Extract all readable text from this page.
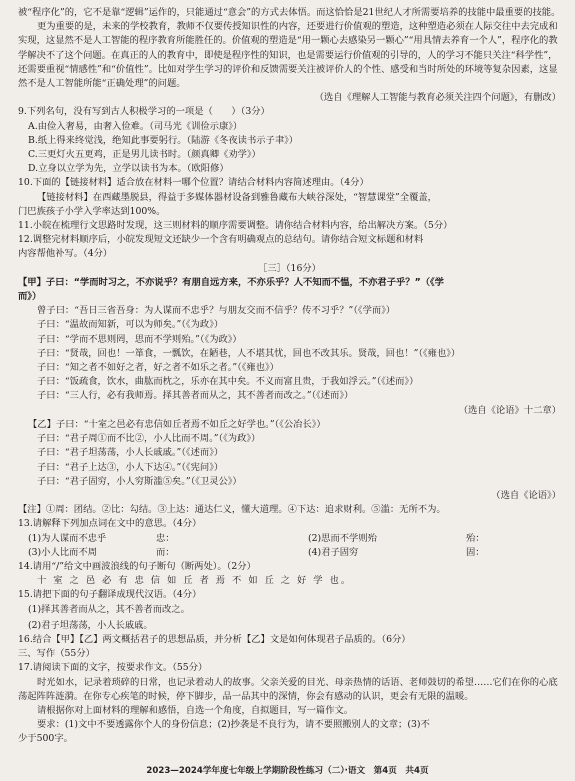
被“程序化”的，它不是靠“逻辑”运作的，只能通过“意会”的方式去体悟。而这恰恰是21世纪人才所需要培养的技能中最重要的技能。

更为重要的是，未来的学校教育，教师不仅要传授知识性的内容，还要进行价值观的塑造，这种塑造必须在人际交往中去完成和实现，这显然不是人工智能的程序教育所能胜任的。价值观的塑造是“用一颗心去感染另一颗心”“用具情去养育一个人”，程序化的教学解决不了这个问题。在真正的人的教育中，即使是程序性的知识，也是需要运行价值观的引导的，人的学习不能只关注“科学性”，还需要重视“情感性”和“价值性”。比如对学生学习的评价和反馈需要关注被评价人的个性、感受和当时所处的环境等复杂因素，这显然不是人工智能所能“正确处理”的问题。

（选自《理解人工智能与教育必须关注四个问题》，有删改）

9.下列名句，没有写到古人积极学习的一项是（　　）（3分）

A.由俭入奢易，由奢入俭难。（司马光《训俭示康》）

B.纸上得来终觉浅，绝知此事要躬行。（陆游《冬夜读书示子聿》）

C.三更灯火五更鸡，正是男儿读书时。（颜真卿《劝学》）

D.立身以立学为先，立学以读书为本。（欧阳修）

10.下面的【链接材料】适合放在材料一哪个位置？请结合材料内容简述理由。（4分）

【链接材料】在西藏墨脱县，得益于多媒体器材设备到雅鲁藏布大峡谷深处，“智慧课堂”全覆盖，

门巴族孩子小学入学率达到100%。

11.小皖在梳理行文思路时发现，这三则材料的顺序需要调整。请你结合材料内容，给出解决方案。（5分）

12.调整完材料顺序后，小皖发现短文还缺少一个含有明确观点的总结句。请你结合短文标题和材料

内容帮他补写。（4分）

［三］（16分）

【甲】子曰：“学而时习之，不亦说乎？有朋自远方来，不亦乐乎？人不知而不愠，不亦君子乎？”（《学

而》）

曾子曰：“吾日三省吾身：为人谋而不忠乎？与朋友交而不信乎？传不习乎？”（《学而》）

子曰：“温故而知新，可以为师矣。”（《为政》）

子曰：“学而不思则罔，思而不学则殆。”（《为政》）

子曰：“贤哉，回也！一箪食，一瓢饮，在陋巷，人不堪其忧，回也不改其乐。贤哉，回也！”（《雍也》）

子曰：“知之者不如好之者，好之者不如乐之者。”（《雍也》）

子曰：“饭疏食，饮水，曲肱而枕之，乐亦在其中矣。不义而富且贵，于我如浮云。”（《述而》）

子曰：“三人行，必有我师焉。择其善者而从之，其不善者而改之。”（《述而》）

（选自《论语》十二章）

【乙】子曰：“十室之邑必有忠信如丘者焉不如丘之好学也。”（《公冶长》）

子曰：“君子周①而不比②，小人比而不周。”（《为政》）

子曰：“君子坦荡荡，小人长戚戚。”（《述而》）

子曰：“君子上达③，小人下达④。”（《宪问》）

子曰：“君子固穷，小人穷斯滥⑤矣。”（《卫灵公》）

（选自《论语》）

【注】①周：团结。②比：勾结。③上达：通达仁义，懂大道理。④下达：追求财利。⑤滥：无所不为。

13.请解释下列加点词在文中的意思。（4分）

(1)为人谋而不忠乎	忠：	(2)思而不学则殆	殆：
(3)小人比而不周	而：	(4)君子固穷	固：

14.请用“/”给文中画波浪线的句子断句（断两处）。（2分）

十 室 之 邑 必 有 忠 信 如 丘 者 焉 不 如 丘 之 好 学 也。

15.请把下面的句子翻译成现代汉语。（4分）

(1)择其善者而从之，其不善者而改之。

(2)君子坦荡荡，小人长戚戚。

16.结合【甲】【乙】两文概括君子的思想品质，并分析【乙】文是如何体现君子品质的。（6分）

三、写作（55分）

17.请阅读下面的文字，按要求作文。（55分）

时光如水，记录着琐碎的日常，也记录着动人的故事。父亲关爱的目光、母亲热情的话语、老师鼓切的希望……它们在你的心底荡起阵阵涟漪。在你专心疾笔的时候，停下脚步，品一品其中的深情，你会有感动的认识，更会有无限的温暖。

请根据你对上面材料的理解和感悟，自选一个角度，自拟题目，写一篇作文。

要求：(1)文中不要透露你个人的身份信息；(2)抄袭是不良行为，请不要照搬别人的文章；(3)不

少于500字。

2023—2024学年度七年级上学期阶段性练习（二）·语文　第4页　共4页
